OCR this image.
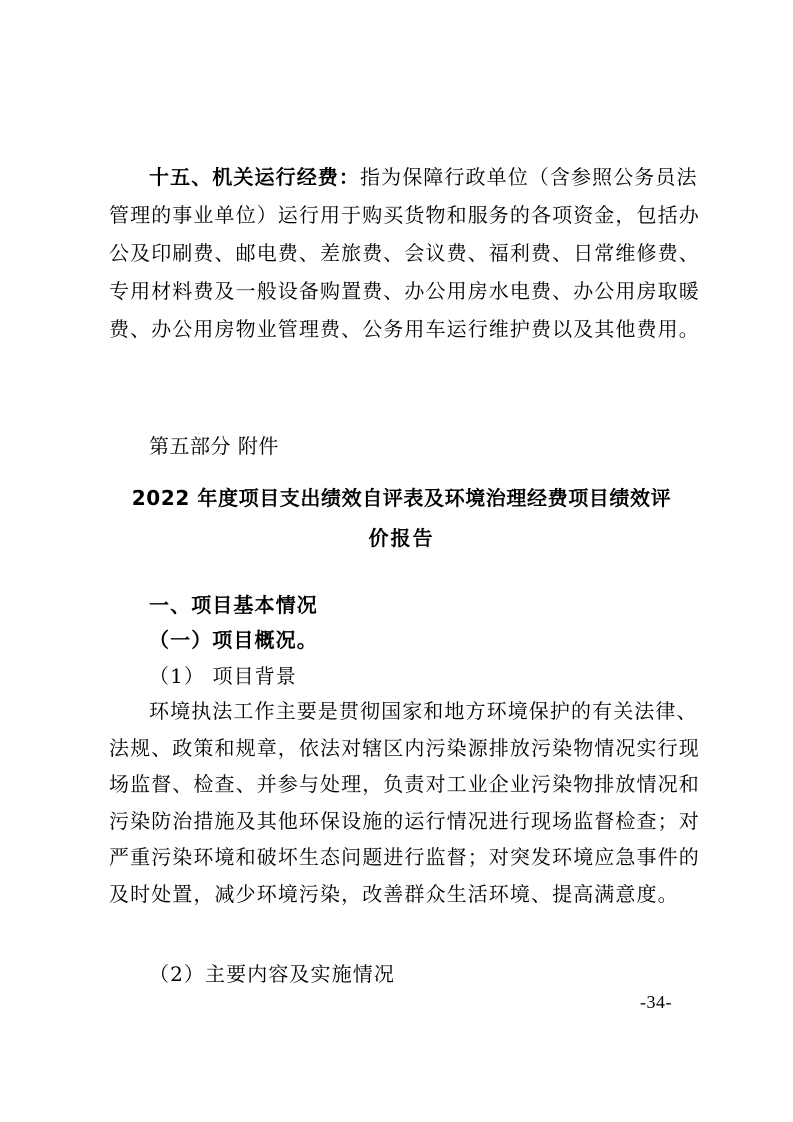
十五、机关运行经费：指为保障行政单位（含参照公务员法
管理的事业单位）运行用于购买货物和服务的各项资金，包括办
公及印刷费、邮电费、差旅费、会议费、福利费、日常维修费、
专用材料费及一般设备购置费、办公用房水电费、办公用房取暖
费、办公用房物业管理费、公务用车运行维护费以及其他费用。
第五部分 附件
2022 年度项目支出绩效自评表及环境治理经费项目绩效评
价报告
一、项目基本情况
（一）项目概况。
（1） 项目背景
环境执法工作主要是贯彻国家和地方环境保护的有关法律、
法规、政策和规章，依法对辖区内污染源排放污染物情况实行现
场监督、检查、并参与处理，负责对工业企业污染物排放情况和
污染防治措施及其他环保设施的运行情况进行现场监督检查；对
严重污染环境和破坏生态问题进行监督；对突发环境应急事件的
及时处置，减少环境污染，改善群众生活环境、提高满意度。
（2）主要内容及实施情况
-34-
